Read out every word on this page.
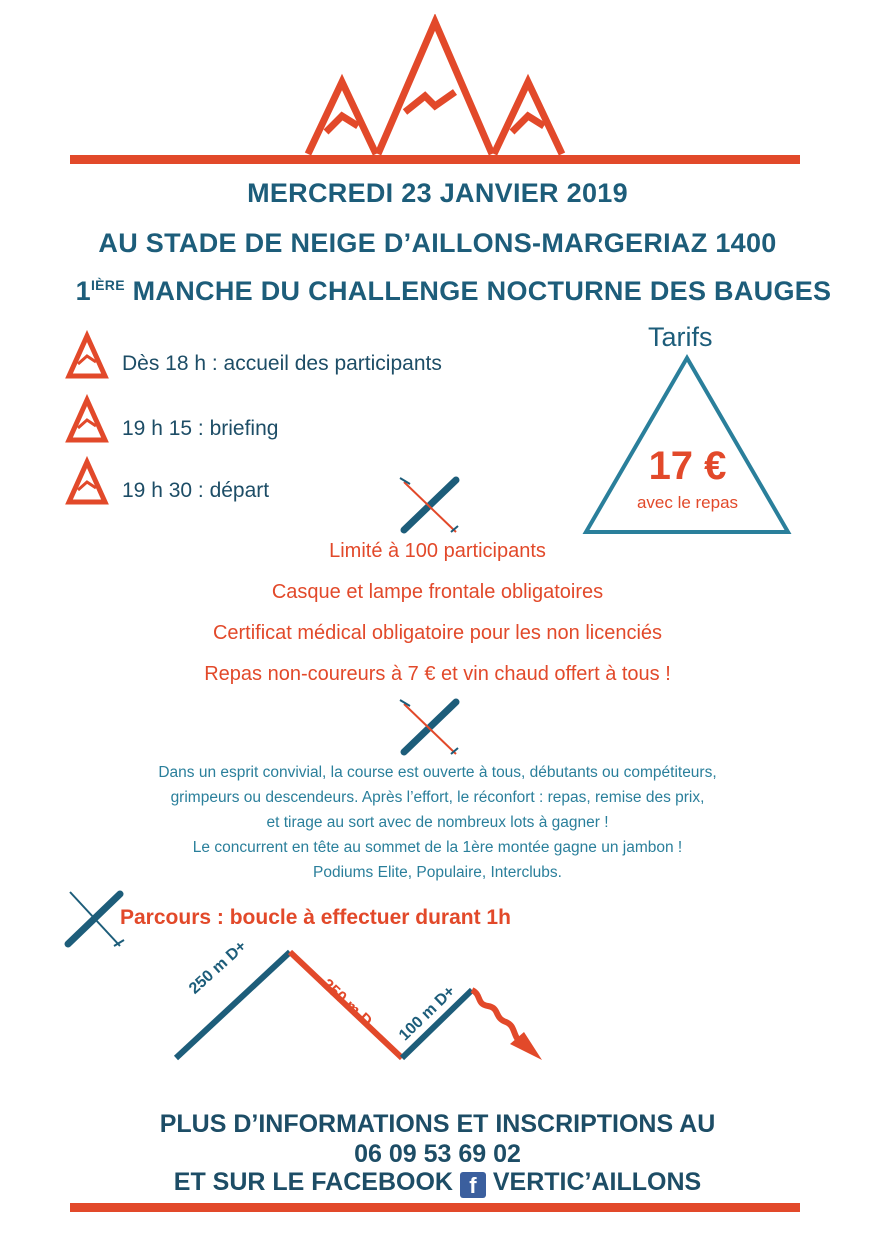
MERCREDI 23 JANVIER 2019
AU STADE DE NEIGE D’AILLONS-MARGERIAZ 1400
$1^{IÈRE}$ MANCHE DU CHALLENGE NOCTURNE DES BAUGES
Dès 18 h : accueil des participants
19 h 15 : briefing
19 h 30 : départ
Tarifs
17 €
avec le repas
Limité à 100 participants
Casque et lampe frontale obligatoires
Certificat médical obligatoire pour les non licenciés
Repas non-coureurs à 7 € et vin chaud offert à tous !
Dans un esprit convivial, la course est ouverte à tous, débutants ou compétiteurs,
grimpeurs ou descendeurs. Après l’effort, le réconfort : repas, remise des prix,
et tirage au sort avec de nombreux lots à gagner !
Le concurrent en tête au sommet de la 1ère montée gagne un jambon !
Podiums Elite, Populaire, Interclubs.
Parcours : boucle à effectuer durant 1h
250 m D+
250 m D- 100 m D+
PLUS D’INFORMATIONS ET INSCRIPTIONS AU
06 09 53 69 02
ET SUR LE FACEBOOK f VERTIC’AILLONS
